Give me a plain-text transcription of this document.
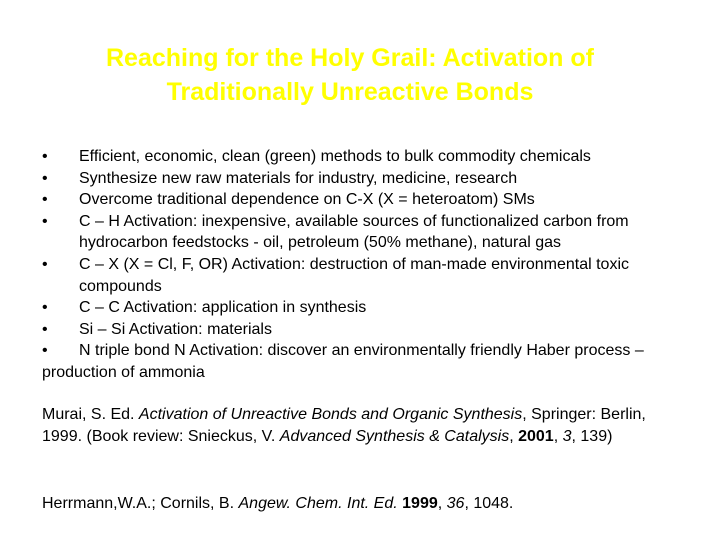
Reaching for the Holy Grail: Activation of
Traditionally Unreactive Bonds
• Efficient, economic, clean (green) methods to bulk commodity chemicals
• Synthesize new raw materials for industry, medicine, research
• Overcome traditional dependence on C-X (X = heteroatom) SMs
• C – H Activation: inexpensive, available sources of functionalized carbon from hydrocarbon feedstocks - oil, petroleum (50% methane), natural gas
• C – X (X = Cl, F, OR) Activation: destruction of man-made environmental toxic compounds
• C – C Activation: application in synthesis
• Si – Si Activation: materials
• N triple bond N Activation: discover an environmentally friendly Haber process – production of ammonia
Murai, S. Ed. Activation of Unreactive Bonds and Organic Synthesis, Springer: Berlin, 1999. (Book review: Snieckus, V. Advanced Synthesis & Catalysis, 2001, 3, 139)
Herrmann,W.A.; Cornils, B. Angew. Chem. Int. Ed. 1999, 36, 1048.
